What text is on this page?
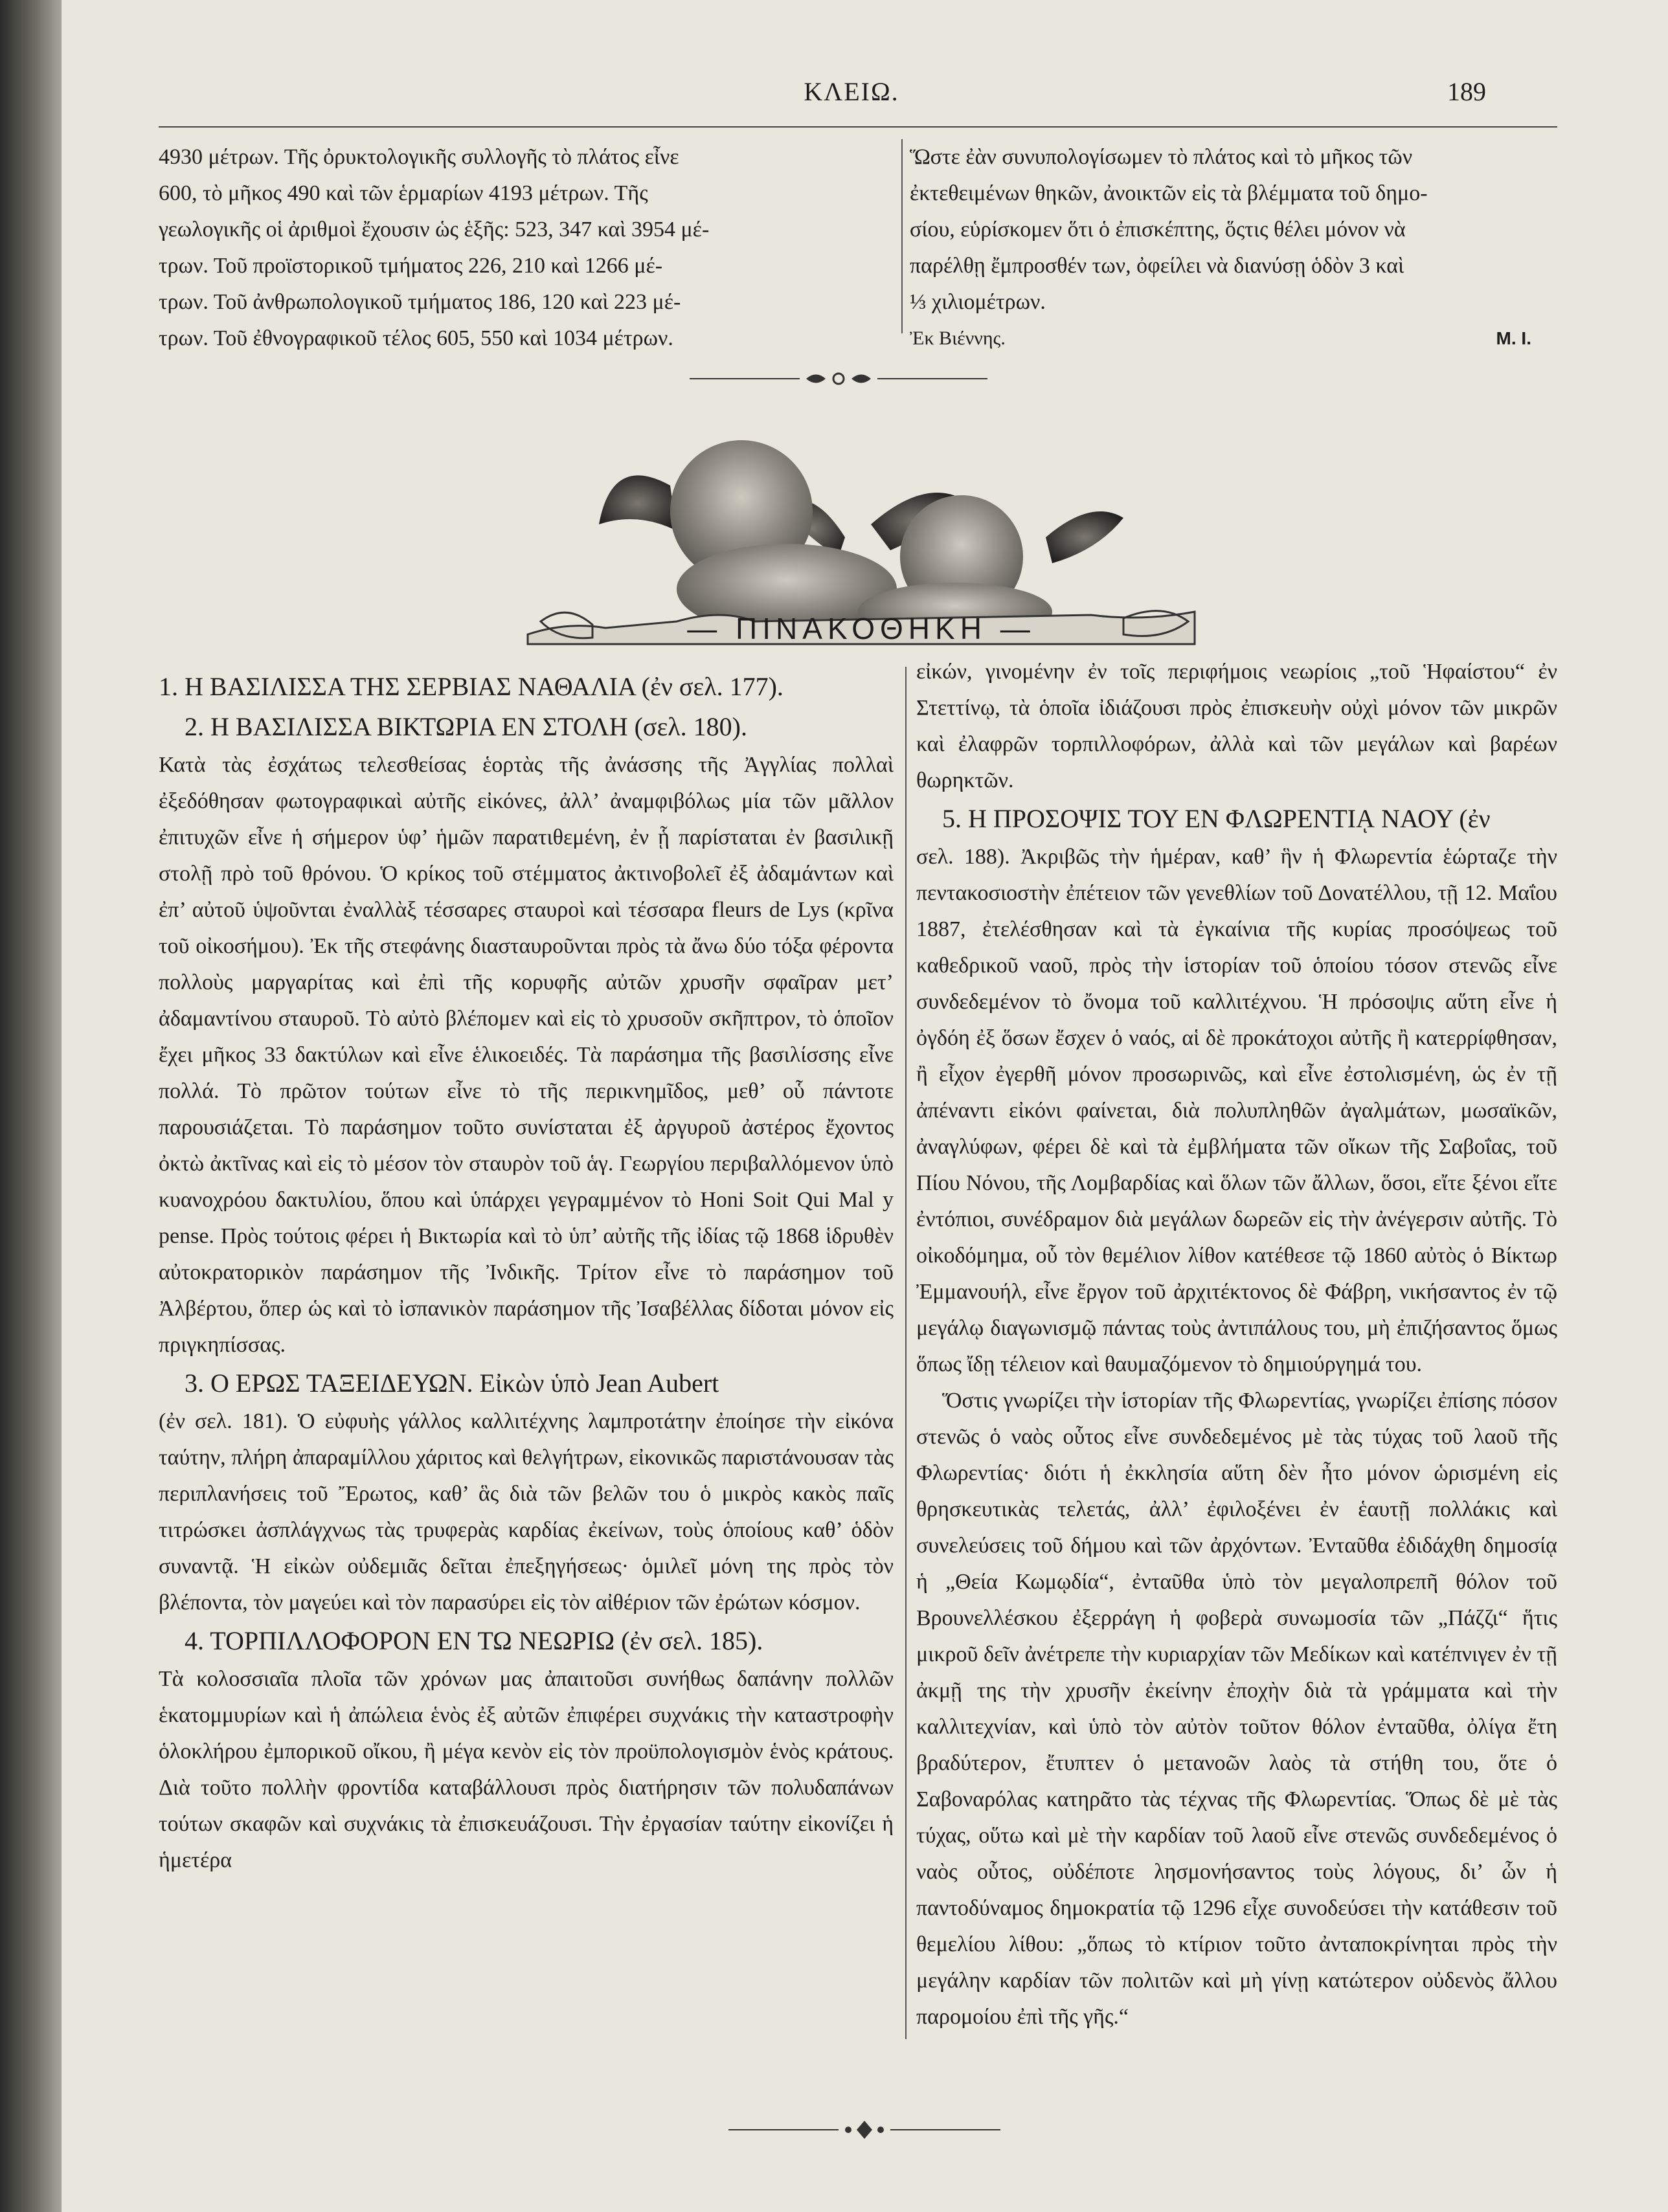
ΚΛΕΙΩ.	189
4930 μέτρων. Τῆς ὀρυκτολογικῆς συλλογῆς τὸ πλάτος εἶνε
600, τὸ μῆκος 490 καὶ τῶν ἑρμαρίων 4193 μέτρων. Τῆς
γεωλογικῆς οἱ ἀριθμοὶ ἔχουσιν ὡς ἑξῆς: 523, 347 καὶ 3954 μέ-
τρων. Τοῦ προϊστορικοῦ τμήματος 226, 210 καὶ 1266 μέ-
τρων. Τοῦ ἀνθρωπολογικοῦ τμήματος 186, 120 καὶ 223 μέ-
τρων. Τοῦ ἐθνογραφικοῦ τέλος 605, 550 καὶ 1034 μέτρων.
Ὥστε ἐὰν συνυπολογίσωμεν τὸ πλάτος καὶ τὸ μῆκος τῶν
ἐκτεθειμένων θηκῶν, ἀνοικτῶν εἰς τὰ βλέμματα τοῦ δημο-
σίου, εὑρίσκομεν ὅτι ὁ ἐπισκέπτης, ὅςτις θέλει μόνον νὰ
παρέλθῃ ἔμπροσθέν των, ὀφείλει νὰ διανύσῃ ὁδὸν 3 καὶ
⅓ χιλιομέτρων.
Ἐκ Βιέννης.	Μ. Ι.
— ΠΙΝΑΚΟΘΗΚΗ —

1. Η ΒΑΣΙΛΙΣΣΑ ΤΗΣ ΣΕΡΒΙΑΣ ΝΑΘΑΛΙΑ (ἐν σελ. 177).

2. Η ΒΑΣΙΛΙΣΣΑ ΒΙΚΤΩΡΙΑ ΕΝ ΣΤΟΛΗ (σελ. 180).

Κατὰ τὰς ἐσχάτως τελεσθείσας ἑορτὰς τῆς ἀνάσσης τῆς Ἀγγλίας πολλαὶ ἐξεδόθησαν φωτογραφικαὶ αὐτῆς εἰκόνες, ἀλλ’ ἀναμφιβόλως μία τῶν μᾶλλον ἐπιτυχῶν εἶνε ἡ σήμερον ὑφ’ ἡμῶν παρατιθεμένη, ἐν ᾗ παρίσταται ἐν βασιλικῇ στολῇ πρὸ τοῦ θρόνου. Ὁ κρίκος τοῦ στέμματος ἀκτινοβολεῖ ἐξ ἀδαμάντων καὶ ἐπ’ αὐτοῦ ὑψοῦνται ἐναλλὰξ τέσσαρες σταυροὶ καὶ τέσσαρα fleurs de Lys (κρῖνα τοῦ οἰκοσήμου). Ἐκ τῆς στεφάνης διασταυροῦνται πρὸς τὰ ἄνω δύο τόξα φέροντα πολλοὺς μαργαρίτας καὶ ἐπὶ τῆς κορυφῆς αὐτῶν χρυσῆν σφαῖραν μετ’ ἀδαμαντίνου σταυροῦ. Τὸ αὐτὸ βλέπομεν καὶ εἰς τὸ χρυσοῦν σκῆπτρον, τὸ ὁποῖον ἔχει μῆκος 33 δακτύλων καὶ εἶνε ἑλικοειδές. Τὰ παράσημα τῆς βασιλίσσης εἶνε πολλά. Τὸ πρῶτον τούτων εἶνε τὸ τῆς περικνημῖδος, μεθ’ οὗ πάντοτε παρουσιάζεται. Τὸ παράσημον τοῦτο συνίσταται ἐξ ἀργυροῦ ἀστέρος ἔχοντος ὀκτὼ ἀκτῖνας καὶ εἰς τὸ μέσον τὸν σταυρὸν τοῦ ἁγ. Γεωργίου περιβαλλόμενον ὑπὸ κυανοχρόου δακτυλίου, ὅπου καὶ ὑπάρχει γεγραμμένον τὸ Honi Soit Qui Mal y pense. Πρὸς τούτοις φέρει ἡ Βικτωρία καὶ τὸ ὑπ’ αὐτῆς τῆς ἰδίας τῷ 1868 ἱδρυθὲν αὐτοκρατορικὸν παράσημον τῆς Ἰνδικῆς. Τρίτον εἶνε τὸ παράσημον τοῦ Ἀλβέρτου, ὅπερ ὡς καὶ τὸ ἰσπανικὸν παράσημον τῆς Ἰσαβέλλας δίδοται μόνον εἰς πριγκηπίσσας.

3. Ο ΕΡΩΣ ΤΑΞΕΙΔΕΥΩΝ. Εἰκὼν ὑπὸ Jean Aubert

(ἐν σελ. 181). Ὁ εὐφυὴς γάλλος καλλιτέχνης λαμπροτάτην ἐποίησε τὴν εἰκόνα ταύτην, πλήρη ἀπαραμίλλου χάριτος καὶ θελγήτρων, εἰκονικῶς παριστάνουσαν τὰς περιπλανήσεις τοῦ Ἔρωτος, καθ’ ἃς διὰ τῶν βελῶν του ὁ μικρὸς κακὸς παῖς τιτρώσκει ἀσπλάγχνως τὰς τρυφερὰς καρδίας ἐκείνων, τοὺς ὁποίους καθ’ ὁδὸν συναντᾷ. Ἡ εἰκὼν οὐδεμιᾶς δεῖται ἐπεξηγήσεως· ὁμιλεῖ μόνη της πρὸς τὸν βλέποντα, τὸν μαγεύει καὶ τὸν παρασύρει εἰς τὸν αἰθέριον τῶν ἐρώτων κόσμον.

4. ΤΟΡΠΙΛΛΟΦΟΡΟΝ ΕΝ ΤΩ ΝΕΩΡΙΩ (ἐν σελ. 185).

Τὰ κολοσσιαῖα πλοῖα τῶν χρόνων μας ἀπαιτοῦσι συνήθως δαπάνην πολλῶν ἑκατομμυρίων καὶ ἡ ἀπώλεια ἑνὸς ἐξ αὐτῶν ἐπιφέρει συχνάκις τὴν καταστροφὴν ὁλοκλήρου ἐμπορικοῦ οἴκου, ἢ μέγα κενὸν εἰς τὸν προϋπολογισμὸν ἑνὸς κράτους. Διὰ τοῦτο πολλὴν φροντίδα καταβάλλουσι πρὸς διατήρησιν τῶν πολυδαπάνων τούτων σκαφῶν καὶ συχνάκις τὰ ἐπισκευάζουσι. Τὴν ἐργασίαν ταύτην εἰκονίζει ἡ ἡμετέρα

εἰκών, γινομένην ἐν τοῖς περιφήμοις νεωρίοις „τοῦ Ἡφαίστου“ ἐν Στεττίνῳ, τὰ ὁποῖα ἰδιάζουσι πρὸς ἐπισκευὴν οὐχὶ μόνον τῶν μικρῶν καὶ ἐλαφρῶν τορπιλλοφόρων, ἀλλὰ καὶ τῶν μεγάλων καὶ βαρέων θωρηκτῶν.

5. Η ΠΡΟΣΟΨΙΣ ΤΟΥ ΕΝ ΦΛΩΡΕΝΤΙᾼ ΝΑΟΥ (ἐν

σελ. 188). Ἀκριβῶς τὴν ἡμέραν, καθ’ ἣν ἡ Φλωρεντία ἑώρταζε τὴν πεντακοσιοστὴν ἐπέτειον τῶν γενεθλίων τοῦ Δονατέλλου, τῇ 12. Μαΐου 1887, ἐτελέσθησαν καὶ τὰ ἐγκαίνια τῆς κυρίας προσόψεως τοῦ καθεδρικοῦ ναοῦ, πρὸς τὴν ἱστορίαν τοῦ ὁποίου τόσον στενῶς εἶνε συνδεδεμένον τὸ ὄνομα τοῦ καλλιτέχνου. Ἡ πρόσοψις αὕτη εἶνε ἡ ὀγδόη ἐξ ὅσων ἔσχεν ὁ ναός, αἱ δὲ προκάτοχοι αὐτῆς ἢ κατερρίφθησαν, ἢ εἶχον ἐγερθῆ μόνον προσωρινῶς, καὶ εἶνε ἐστολισμένη, ὡς ἐν τῇ ἀπέναντι εἰκόνι φαίνεται, διὰ πολυπληθῶν ἀγαλμάτων, μωσαϊκῶν, ἀναγλύφων, φέρει δὲ καὶ τὰ ἐμβλήματα τῶν οἴκων τῆς Σαβοΐας, τοῦ Πίου Νόνου, τῆς Λομβαρδίας καὶ ὅλων τῶν ἄλλων, ὅσοι, εἴτε ξένοι εἴτε ἐντόπιοι, συνέδραμον διὰ μεγάλων δωρεῶν εἰς τὴν ἀνέγερσιν αὐτῆς. Τὸ οἰκοδόμημα, οὗ τὸν θεμέλιον λίθον κατέθεσε τῷ 1860 αὐτὸς ὁ Βίκτωρ Ἐμμανουήλ, εἶνε ἔργον τοῦ ἀρχιτέκτονος δὲ Φάβρη, νικήσαντος ἐν τῷ μεγάλῳ διαγωνισμῷ πάντας τοὺς ἀντιπάλους του, μὴ ἐπιζήσαντος ὅμως ὅπως ἴδῃ τέλειον καὶ θαυμαζόμενον τὸ δημιούργημά του.

Ὅστις γνωρίζει τὴν ἱστορίαν τῆς Φλωρεντίας, γνωρίζει ἐπίσης πόσον στενῶς ὁ ναὸς οὗτος εἶνε συνδεδεμένος μὲ τὰς τύχας τοῦ λαοῦ τῆς Φλωρεντίας· διότι ἡ ἐκκλησία αὕτη δὲν ἦτο μόνον ὡρισμένη εἰς θρησκευτικὰς τελετάς, ἀλλ’ ἐφιλοξένει ἐν ἑαυτῇ πολλάκις καὶ συνελεύσεις τοῦ δήμου καὶ τῶν ἀρχόντων. Ἐνταῦθα ἐδιδάχθη δημοσίᾳ ἡ „Θεία Κωμῳδία“, ἐνταῦθα ὑπὸ τὸν μεγαλοπρεπῆ θόλον τοῦ Βρουνελλέσκου ἐξερράγη ἡ φοβερὰ συνωμοσία τῶν „Πάζζι“ ἥτις μικροῦ δεῖν ἀνέτρεπε τὴν κυριαρχίαν τῶν Μεδίκων καὶ κατέπνιγεν ἐν τῇ ἀκμῇ της τὴν χρυσῆν ἐκείνην ἐποχὴν διὰ τὰ γράμματα καὶ τὴν καλλιτεχνίαν, καὶ ὑπὸ τὸν αὐτὸν τοῦτον θόλον ἐνταῦθα, ὀλίγα ἔτη βραδύτερον, ἔτυπτεν ὁ μετανοῶν λαὸς τὰ στήθη του, ὅτε ὁ Σαβοναρόλας κατηρᾶτο τὰς τέχνας τῆς Φλωρεντίας. Ὅπως δὲ μὲ τὰς τύχας, οὕτω καὶ μὲ τὴν καρδίαν τοῦ λαοῦ εἶνε στενῶς συνδεδεμένος ὁ ναὸς οὗτος, οὐδέποτε λησμονήσαντος τοὺς λόγους, δι’ ὧν ἡ παντοδύναμος δημοκρατία τῷ 1296 εἶχε συνοδεύσει τὴν κατάθεσιν τοῦ θεμελίου λίθου: „ὅπως τὸ κτίριον τοῦτο ἀνταποκρίνηται πρὸς τὴν μεγάλην καρδίαν τῶν πολιτῶν καὶ μὴ γίνῃ κατώτερον οὐδενὸς ἄλλου παρομοίου ἐπὶ τῆς γῆς.“
